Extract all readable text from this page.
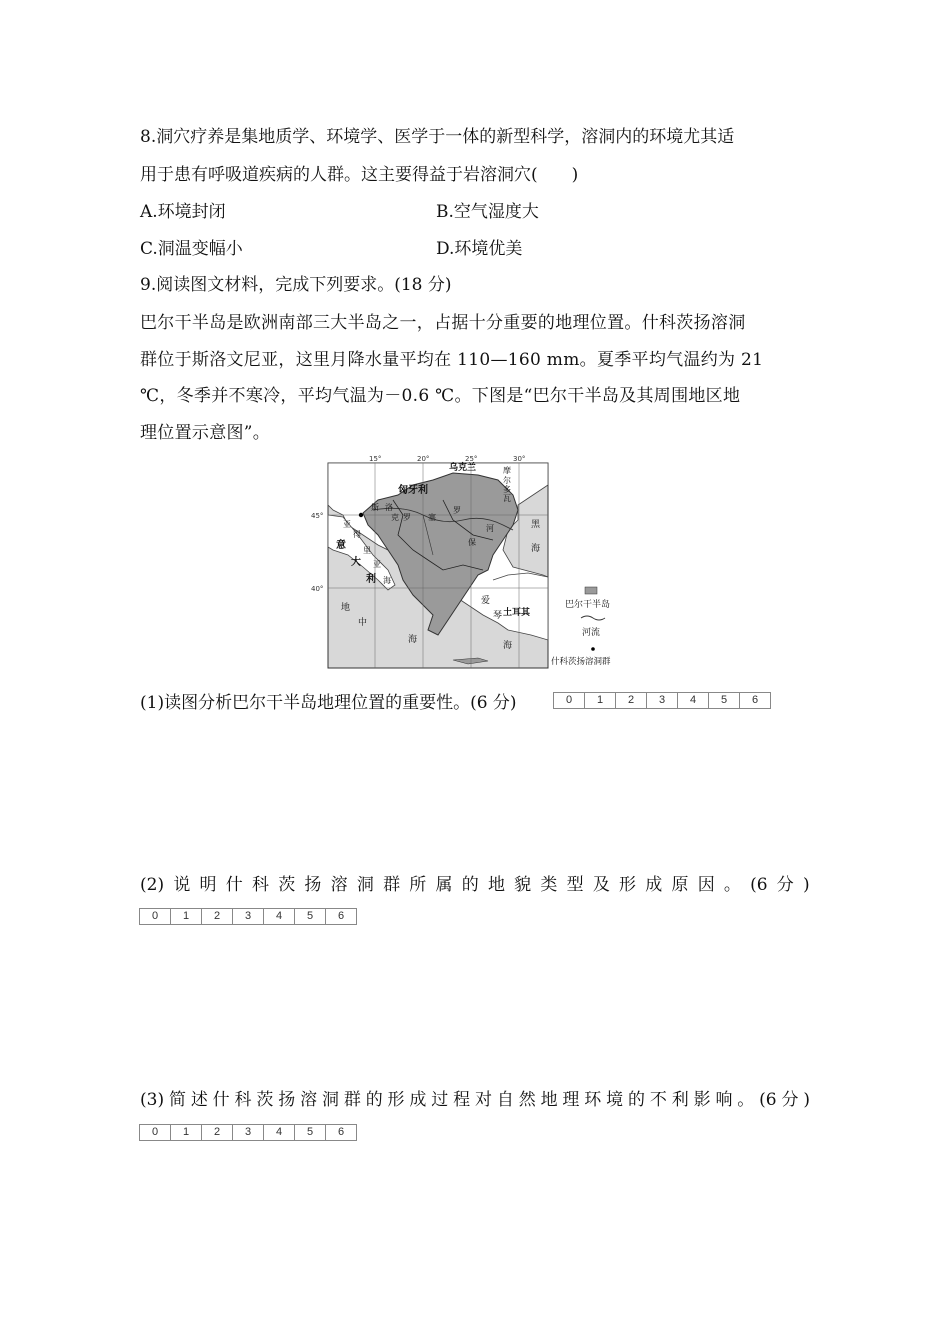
8.洞穴疗养是集地质学、环境学、医学于一体的新型科学，溶洞内的环境尤其适
用于患有呼吸道疾病的人群。这主要得益于岩溶洞穴(　　)
A.环境封闭	B.空气湿度大
C.洞温变幅小	D.环境优美
9.阅读图文材料，完成下列要求。(18 分)
巴尔干半岛是欧洲南部三大半岛之一，占据十分重要的地理位置。什科茨扬溶洞
群位于斯洛文尼亚，这里月降水量平均在 110—160 mm。夏季平均气温约为 21
℃，冬季并不寒冷，平均气温为－0.6 ℃。下图是“巴尔干半岛及其周围地区地
理位置示意图”。
15°	20°	25°	30°
45°
40°
匈牙利
乌克兰	摩
尔
多
瓦
意
大
利
黑
海
亚
得
里
亚
海
地
中
海
爱
琴
海
土耳其
斯 洛
克 罗 塞
罗
河
保
巴尔干半岛
河流
什科茨扬溶洞群
(1)读图分析巴尔干半岛地理位置的重要性。(6 分)	0	1	2	3	4	5	6
(2) 说 明 什 科 茨 扬 溶 洞 群 所 属 的 地 貌 类 型 及 形 成 原 因 。 (6 分 )
0	1	2	3	4	5	6
(3) 简 述 什 科 茨 扬 溶 洞 群 的 形 成 过 程 对 自 然 地 理 环 境 的 不 利 影 响 。 (6 分 )
0	1	2	3	4	5	6
